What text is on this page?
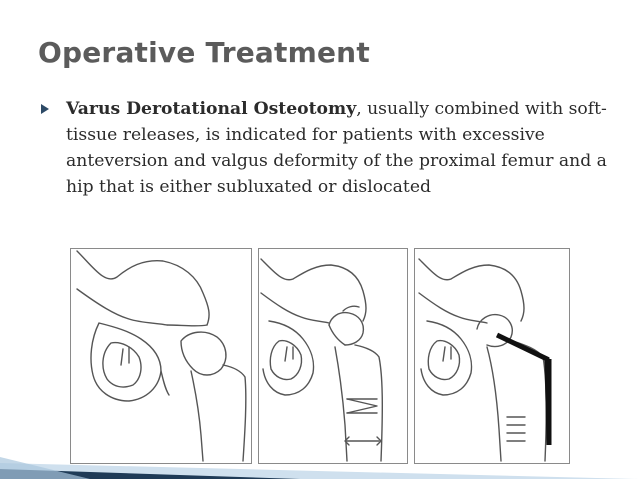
Operative Treatment
Varus Derotational Osteotomy, usually combined with soft-tissue releases, is indicated for patients with excessive anteversion and valgus deformity of the proximal femur and a hip that is either subluxated or dislocated
